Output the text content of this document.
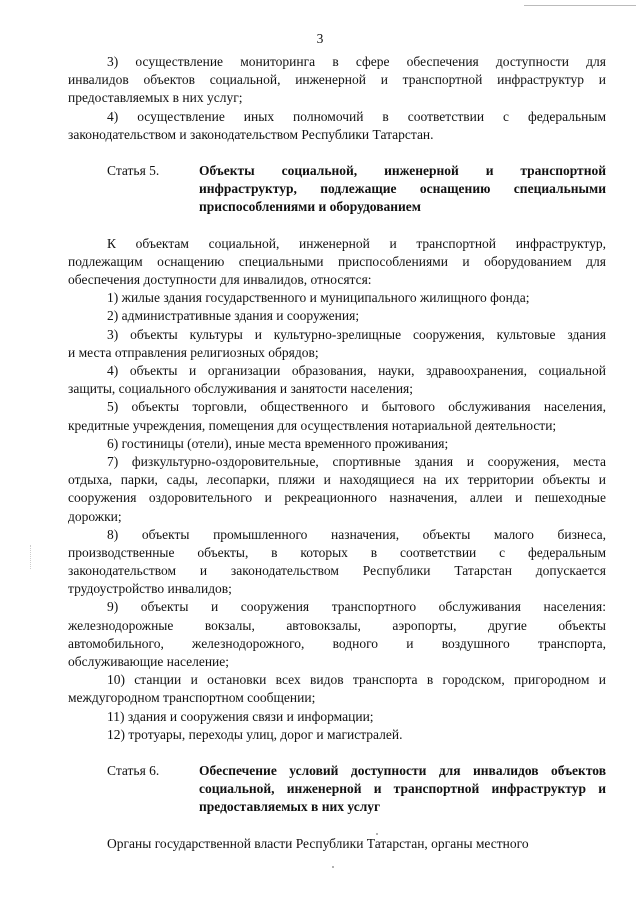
3
3) осуществление мониторинга в сфере обеспечения доступности для
инвалидов объектов социальной, инженерной и транспортной инфраструктур и
предоставляемых в них услуг;
4) осуществление иных полномочий в соответствии с федеральным
законодательством и законодательством Республики Татарстан.
Статья 5.	Объекты социальной, инженерной и транспортной
инфраструктур, подлежащие оснащению специальными
приспособлениями и оборудованием
К объектам социальной, инженерной и транспортной инфраструктур,
подлежащим оснащению специальными приспособлениями и оборудованием для
обеспечения доступности для инвалидов, относятся:
1) жилые здания государственного и муниципального жилищного фонда;
2) административные здания и сооружения;
3) объекты культуры и культурно-зрелищные сооружения, культовые здания
и места отправления религиозных обрядов;
4) объекты и организации образования, науки, здравоохранения, социальной
защиты, социального обслуживания и занятости населения;
5) объекты торговли, общественного и бытового обслуживания населения,
кредитные учреждения, помещения для осуществления нотариальной деятельности;
6) гостиницы (отели), иные места временного проживания;
7) физкультурно-оздоровительные, спортивные здания и сооружения, места
отдыха, парки, сады, лесопарки, пляжи и находящиеся на их территории объекты и
сооружения оздоровительного и рекреационного назначения, аллеи и пешеходные
дорожки;
8) объекты промышленного назначения, объекты малого бизнеса,
производственные объекты, в которых в соответствии с федеральным
законодательством и законодательством Республики Татарстан допускается
трудоустройство инвалидов;
9) объекты и сооружения транспортного обслуживания населения:
железнодорожные вокзалы, автовокзалы, аэропорты, другие объекты
автомобильного, железнодорожного, водного и воздушного транспорта,
обслуживающие население;
10) станции и остановки всех видов транспорта в городском, пригородном и
междугородном транспортном сообщении;
11) здания и сооружения связи и информации;
12) тротуары, переходы улиц, дорог и магистралей.
Статья 6.	Обеспечение условий доступности для инвалидов объектов
социальной, инженерной и транспортной инфраструктур и
предоставляемых в них услуг
Органы государственной власти Республики Татарстан, органы местного
